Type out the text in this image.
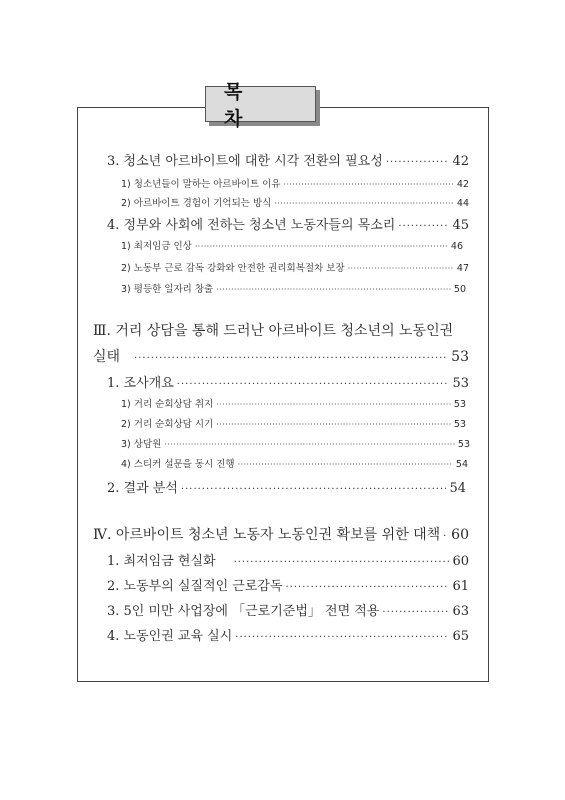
목 차
3. 청소년 아르바이트에 대한 시각 전환의 필요성 ·····	42
1) 청소년들이 말하는 아르바이트 이유 ·····	42
2) 아르바이트 경험이 기억되는 방식 ·····	44
4. 정부와 사회에 전하는 청소년 노동자들의 목소리 ·····	45
1) 최저임금 인상 ·····	46
2) 노동부 근로 감독 강화와 안전한 권리회복절차 보장 ·····	47
3) 평등한 일자리 창출 ·····	50
Ⅲ. 거리 상담을 통해 드러난 아르바이트 청소년의 노동인권
실태 ·····	53
1. 조사개요 ·····	53
1) 거리 순회상담 취지 ·····	53
2) 거리 순회상담 시기 ·····	53
3) 상담원 ·····	53
4) 스티커 설문을 동시 진행 ·····	54
2. 결과 분석 ·····	54
Ⅳ. 아르바이트 청소년 노동자 노동인권 확보를 위한 대책 ····· 60
1. 최저임금 현실화 ·····	60
2. 노동부의 실질적인 근로감독 ·····	61
3. 5인 미만 사업장에 「근로기준법」 전면 적용 ·····	63
4. 노동인권 교육 실시 ·····	65
